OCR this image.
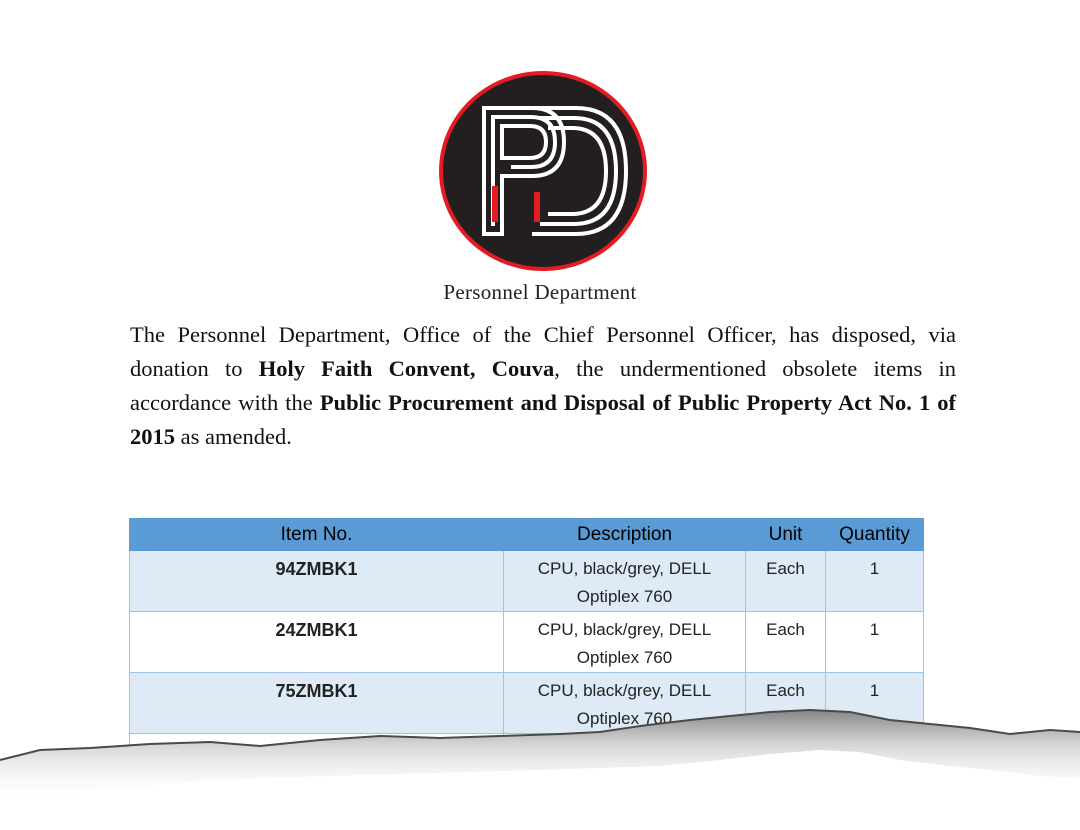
Personnel Department

The Personnel Department, Office of the Chief Personnel Officer, has disposed, via donation to Holy Faith Convent, Couva, the undermentioned obsolete items in accordance with the Public Procurement and Disposal of Public Property Act No. 1 of 2015 as amended.

Item No.	Description	Unit	Quantity
94ZMBK1	CPU, black/grey, DELL Optiplex 760	Each	1
24ZMBK1	CPU, black/grey, DELL Optiplex 760	Each	1
75ZMBK1	CPU, black/grey, DELL Optiplex 760	Each	1
